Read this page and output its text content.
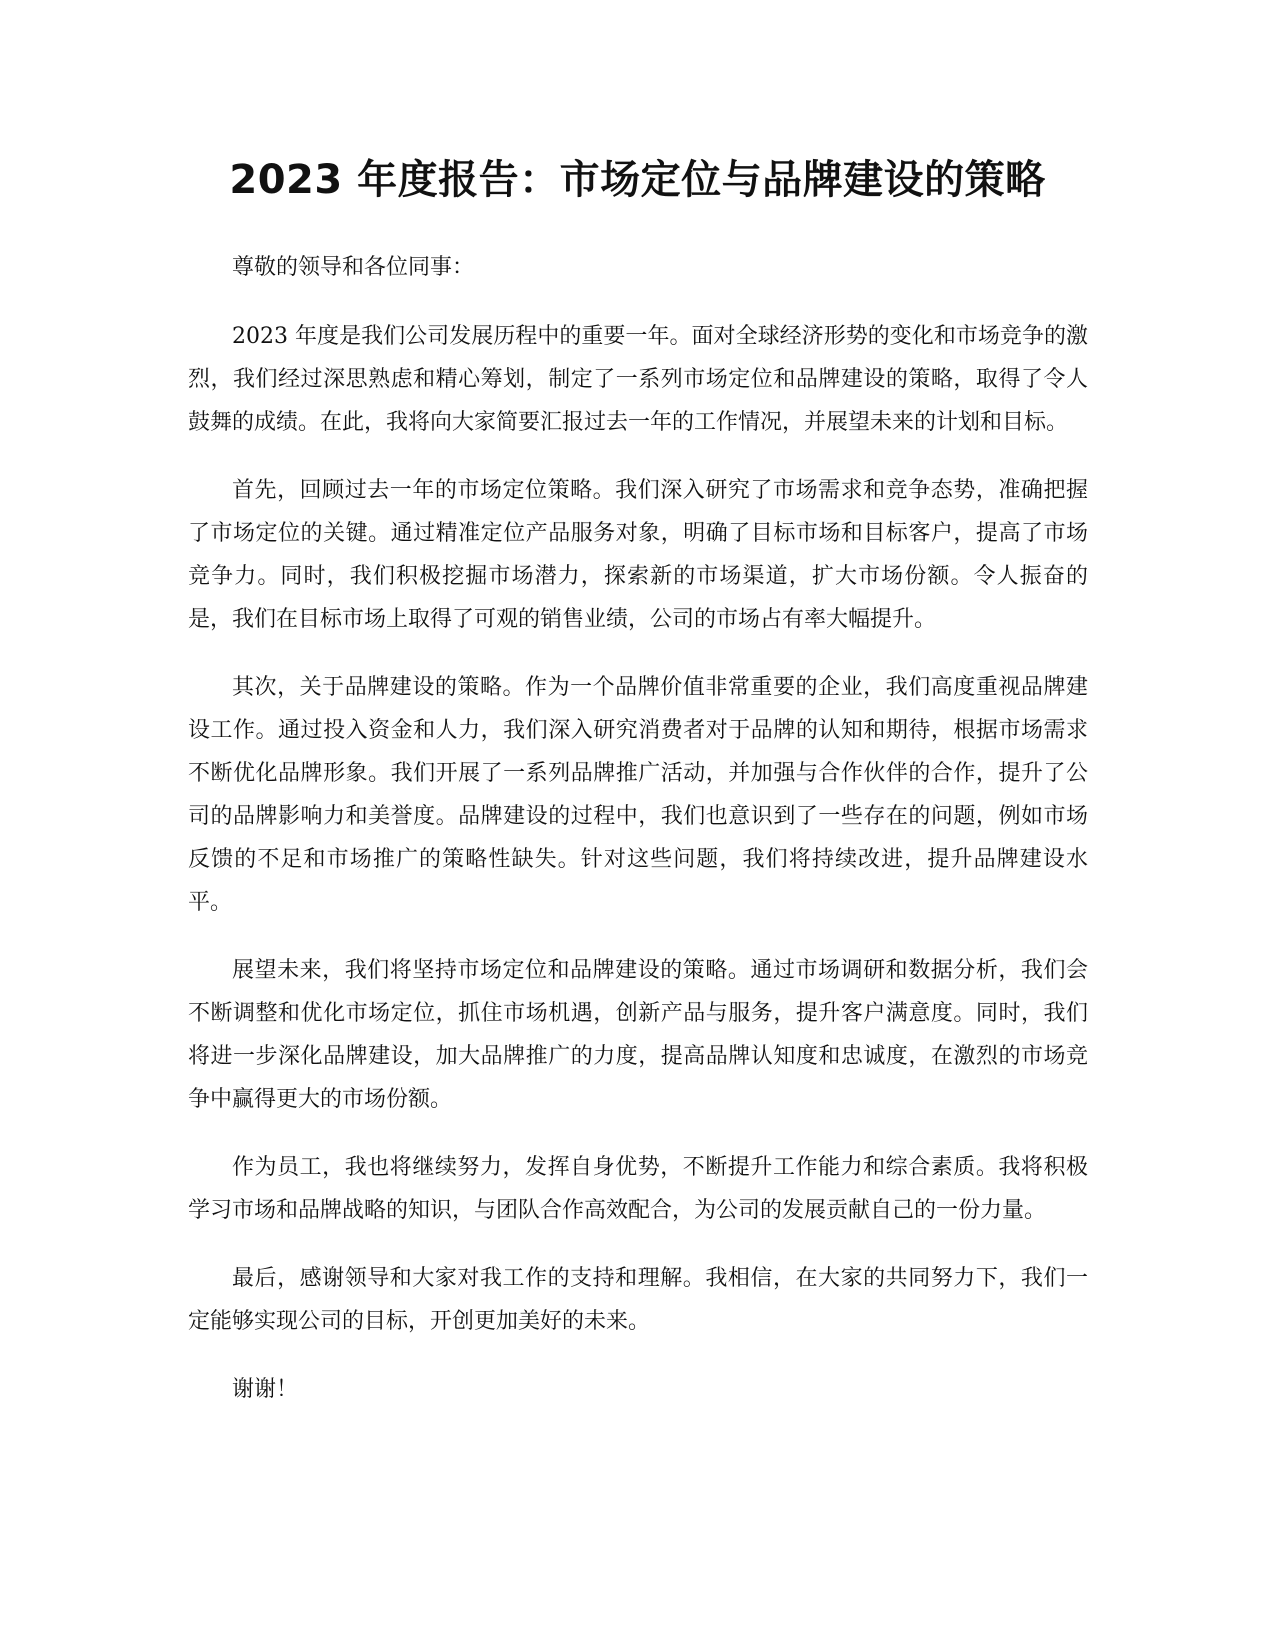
2023 年度报告：市场定位与品牌建设的策略

尊敬的领导和各位同事：

2023 年度是我们公司发展历程中的重要一年。面对全球经济形势的变化和市场竞争的激烈，我们经过深思熟虑和精心筹划，制定了一系列市场定位和品牌建设的策略，取得了令人鼓舞的成绩。在此，我将向大家简要汇报过去一年的工作情况，并展望未来的计划和目标。

首先，回顾过去一年的市场定位策略。我们深入研究了市场需求和竞争态势，准确把握了市场定位的关键。通过精准定位产品服务对象，明确了目标市场和目标客户，提高了市场竞争力。同时，我们积极挖掘市场潜力，探索新的市场渠道，扩大市场份额。令人振奋的是，我们在目标市场上取得了可观的销售业绩，公司的市场占有率大幅提升。

其次，关于品牌建设的策略。作为一个品牌价值非常重要的企业，我们高度重视品牌建设工作。通过投入资金和人力，我们深入研究消费者对于品牌的认知和期待，根据市场需求不断优化品牌形象。我们开展了一系列品牌推广活动，并加强与合作伙伴的合作，提升了公司的品牌影响力和美誉度。品牌建设的过程中，我们也意识到了一些存在的问题，例如市场反馈的不足和市场推广的策略性缺失。针对这些问题，我们将持续改进，提升品牌建设水平。

展望未来，我们将坚持市场定位和品牌建设的策略。通过市场调研和数据分析，我们会不断调整和优化市场定位，抓住市场机遇，创新产品与服务，提升客户满意度。同时，我们将进一步深化品牌建设，加大品牌推广的力度，提高品牌认知度和忠诚度，在激烈的市场竞争中赢得更大的市场份额。

作为员工，我也将继续努力，发挥自身优势，不断提升工作能力和综合素质。我将积极学习市场和品牌战略的知识，与团队合作高效配合，为公司的发展贡献自己的一份力量。

最后，感谢领导和大家对我工作的支持和理解。我相信，在大家的共同努力下，我们一定能够实现公司的目标，开创更加美好的未来。

谢谢！
